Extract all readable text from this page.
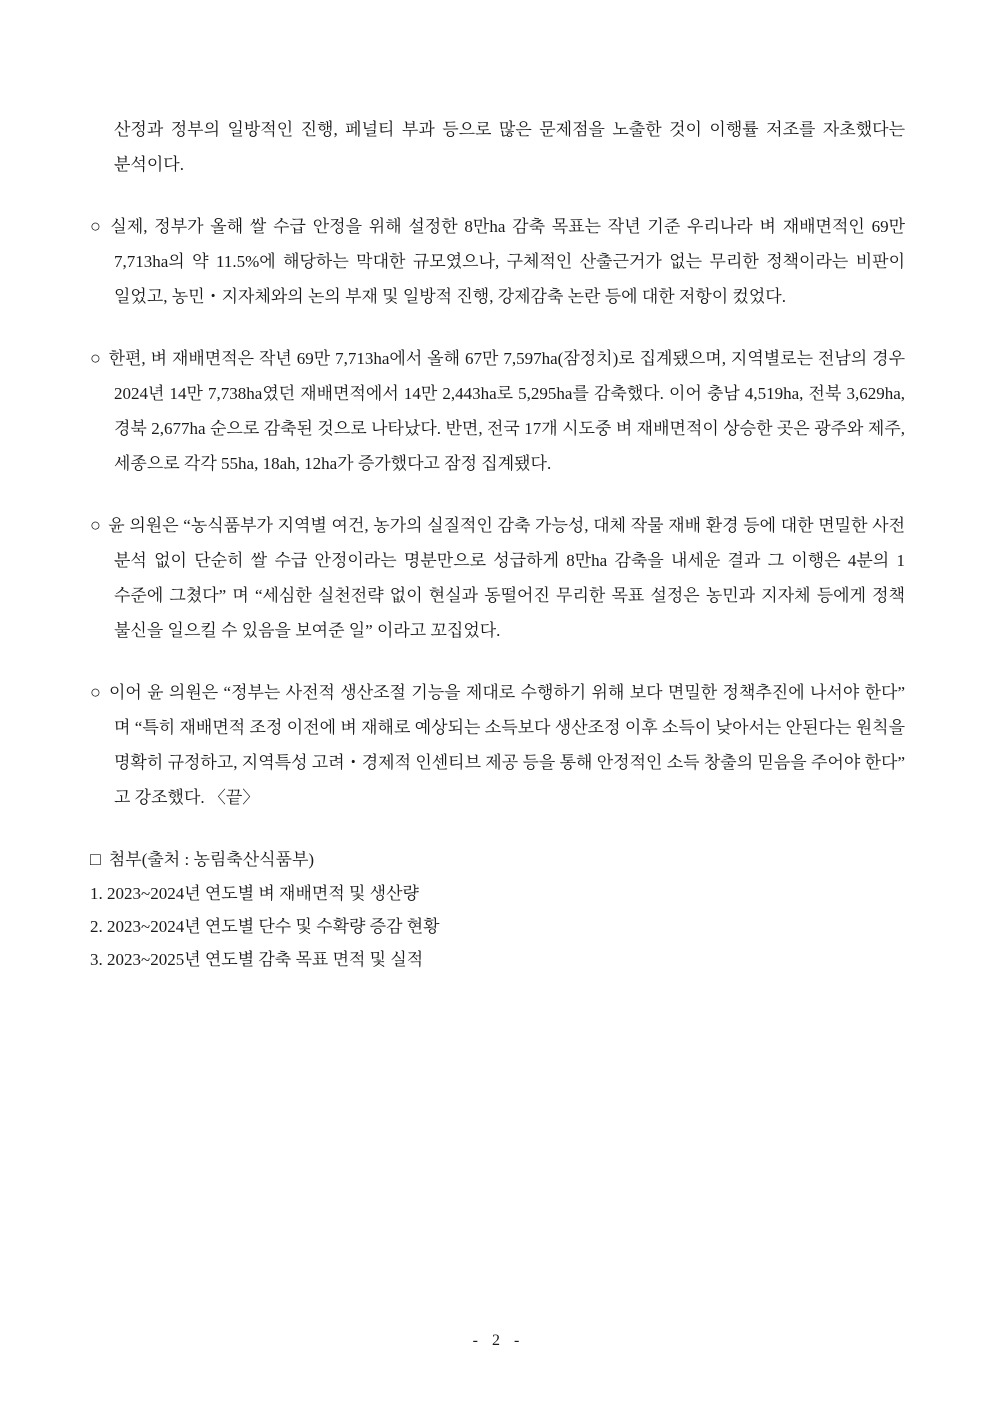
산정과 정부의 일방적인 진행, 페널티 부과 등으로 많은 문제점을 노출한 것이 이행률 저조를 자초했다는 분석이다.

○ 실제, 정부가 올해 쌀 수급 안정을 위해 설정한 8만ha 감축 목표는 작년 기준 우리나라 벼 재배면적인 69만 7,713ha의 약 11.5%에 해당하는 막대한 규모였으나, 구체적인 산출근거가 없는 무리한 정책이라는 비판이 일었고, 농민・지자체와의 논의 부재 및 일방적 진행, 강제감축 논란 등에 대한 저항이 컸었다.

○ 한편, 벼 재배면적은 작년 69만 7,713ha에서 올해 67만 7,597ha(잠정치)로 집계됐으며, 지역별로는 전남의 경우 2024년 14만 7,738ha였던 재배면적에서 14만 2,443ha로 5,295ha를 감축했다. 이어 충남 4,519ha, 전북 3,629ha, 경북 2,677ha 순으로 감축된 것으로 나타났다. 반면, 전국 17개 시도중 벼 재배면적이 상승한 곳은 광주와 제주, 세종으로 각각 55ha, 18ah, 12ha가 증가했다고 잠정 집계됐다.

○ 윤 의원은 “농식품부가 지역별 여건, 농가의 실질적인 감축 가능성, 대체 작물 재배 환경 등에 대한 면밀한 사전 분석 없이 단순히 쌀 수급 안정이라는 명분만으로 성급하게 8만ha 감축을 내세운 결과 그 이행은 4분의 1 수준에 그쳤다” 며 “세심한 실천전략 없이 현실과 동떨어진 무리한 목표 설정은 농민과 지자체 등에게 정책 불신을 일으킬 수 있음을 보여준 일” 이라고 꼬집었다.

○ 이어 윤 의원은 “정부는 사전적 생산조절 기능을 제대로 수행하기 위해 보다 면밀한 정책추진에 나서야 한다” 며 “특히 재배면적 조정 이전에 벼 재해로 예상되는 소득보다 생산조정 이후 소득이 낮아서는 안된다는 원칙을 명확히 규정하고, 지역특성 고려・경제적 인센티브 제공 등을 통해 안정적인 소득 창출의 믿음을 주어야 한다” 고 강조했다. 〈끝〉

□ 첨부(출처 : 농림축산식품부)

1. 2023~2024년 연도별 벼 재배면적 및 생산량

2. 2023~2024년 연도별 단수 및 수확량 증감 현황

3. 2023~2025년 연도별 감축 목표 면적 및 실적

- 2 -
